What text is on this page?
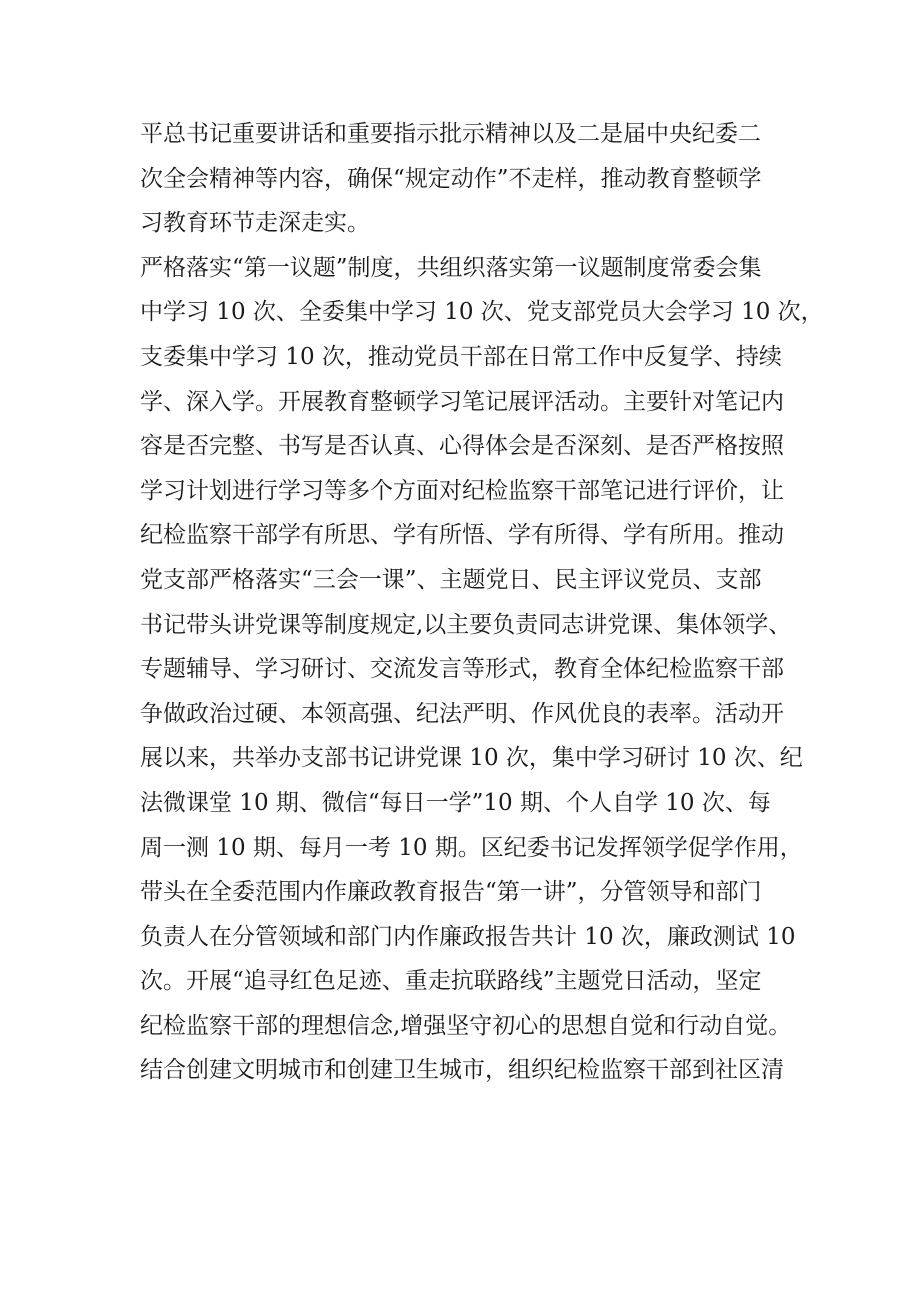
平总书记重要讲话和重要指示批示精神以及二是届中央纪委二
次全会精神等内容，确保“规定动作”不走样，推动教育整顿学
习教育环节走深走实。
严格落实“第一议题”制度，共组织落实第一议题制度常委会集
中学习 10 次、全委集中学习 10 次、党支部党员大会学习 10 次，
支委集中学习 10 次，推动党员干部在日常工作中反复学、持续
学、深入学。开展教育整顿学习笔记展评活动。主要针对笔记内
容是否完整、书写是否认真、心得体会是否深刻、是否严格按照
学习计划进行学习等多个方面对纪检监察干部笔记进行评价，让
纪检监察干部学有所思、学有所悟、学有所得、学有所用。推动
党支部严格落实“三会一课”、主题党日、民主评议党员、支部
书记带头讲党课等制度规定,以主要负责同志讲党课、集体领学、
专题辅导、学习研讨、交流发言等形式，教育全体纪检监察干部
争做政治过硬、本领高强、纪法严明、作风优良的表率。活动开
展以来，共举办支部书记讲党课 10 次，集中学习研讨 10 次、纪
法微课堂 10 期、微信“每日一学”10 期、个人自学 10 次、每
周一测 10 期、每月一考 10 期。区纪委书记发挥领学促学作用，
带头在全委范围内作廉政教育报告“第一讲”，分管领导和部门
负责人在分管领域和部门内作廉政报告共计 10 次，廉政测试 10
次。开展“追寻红色足迹、重走抗联路线”主题党日活动，坚定
纪检监察干部的理想信念,增强坚守初心的思想自觉和行动自觉。
结合创建文明城市和创建卫生城市，组织纪检监察干部到社区清
